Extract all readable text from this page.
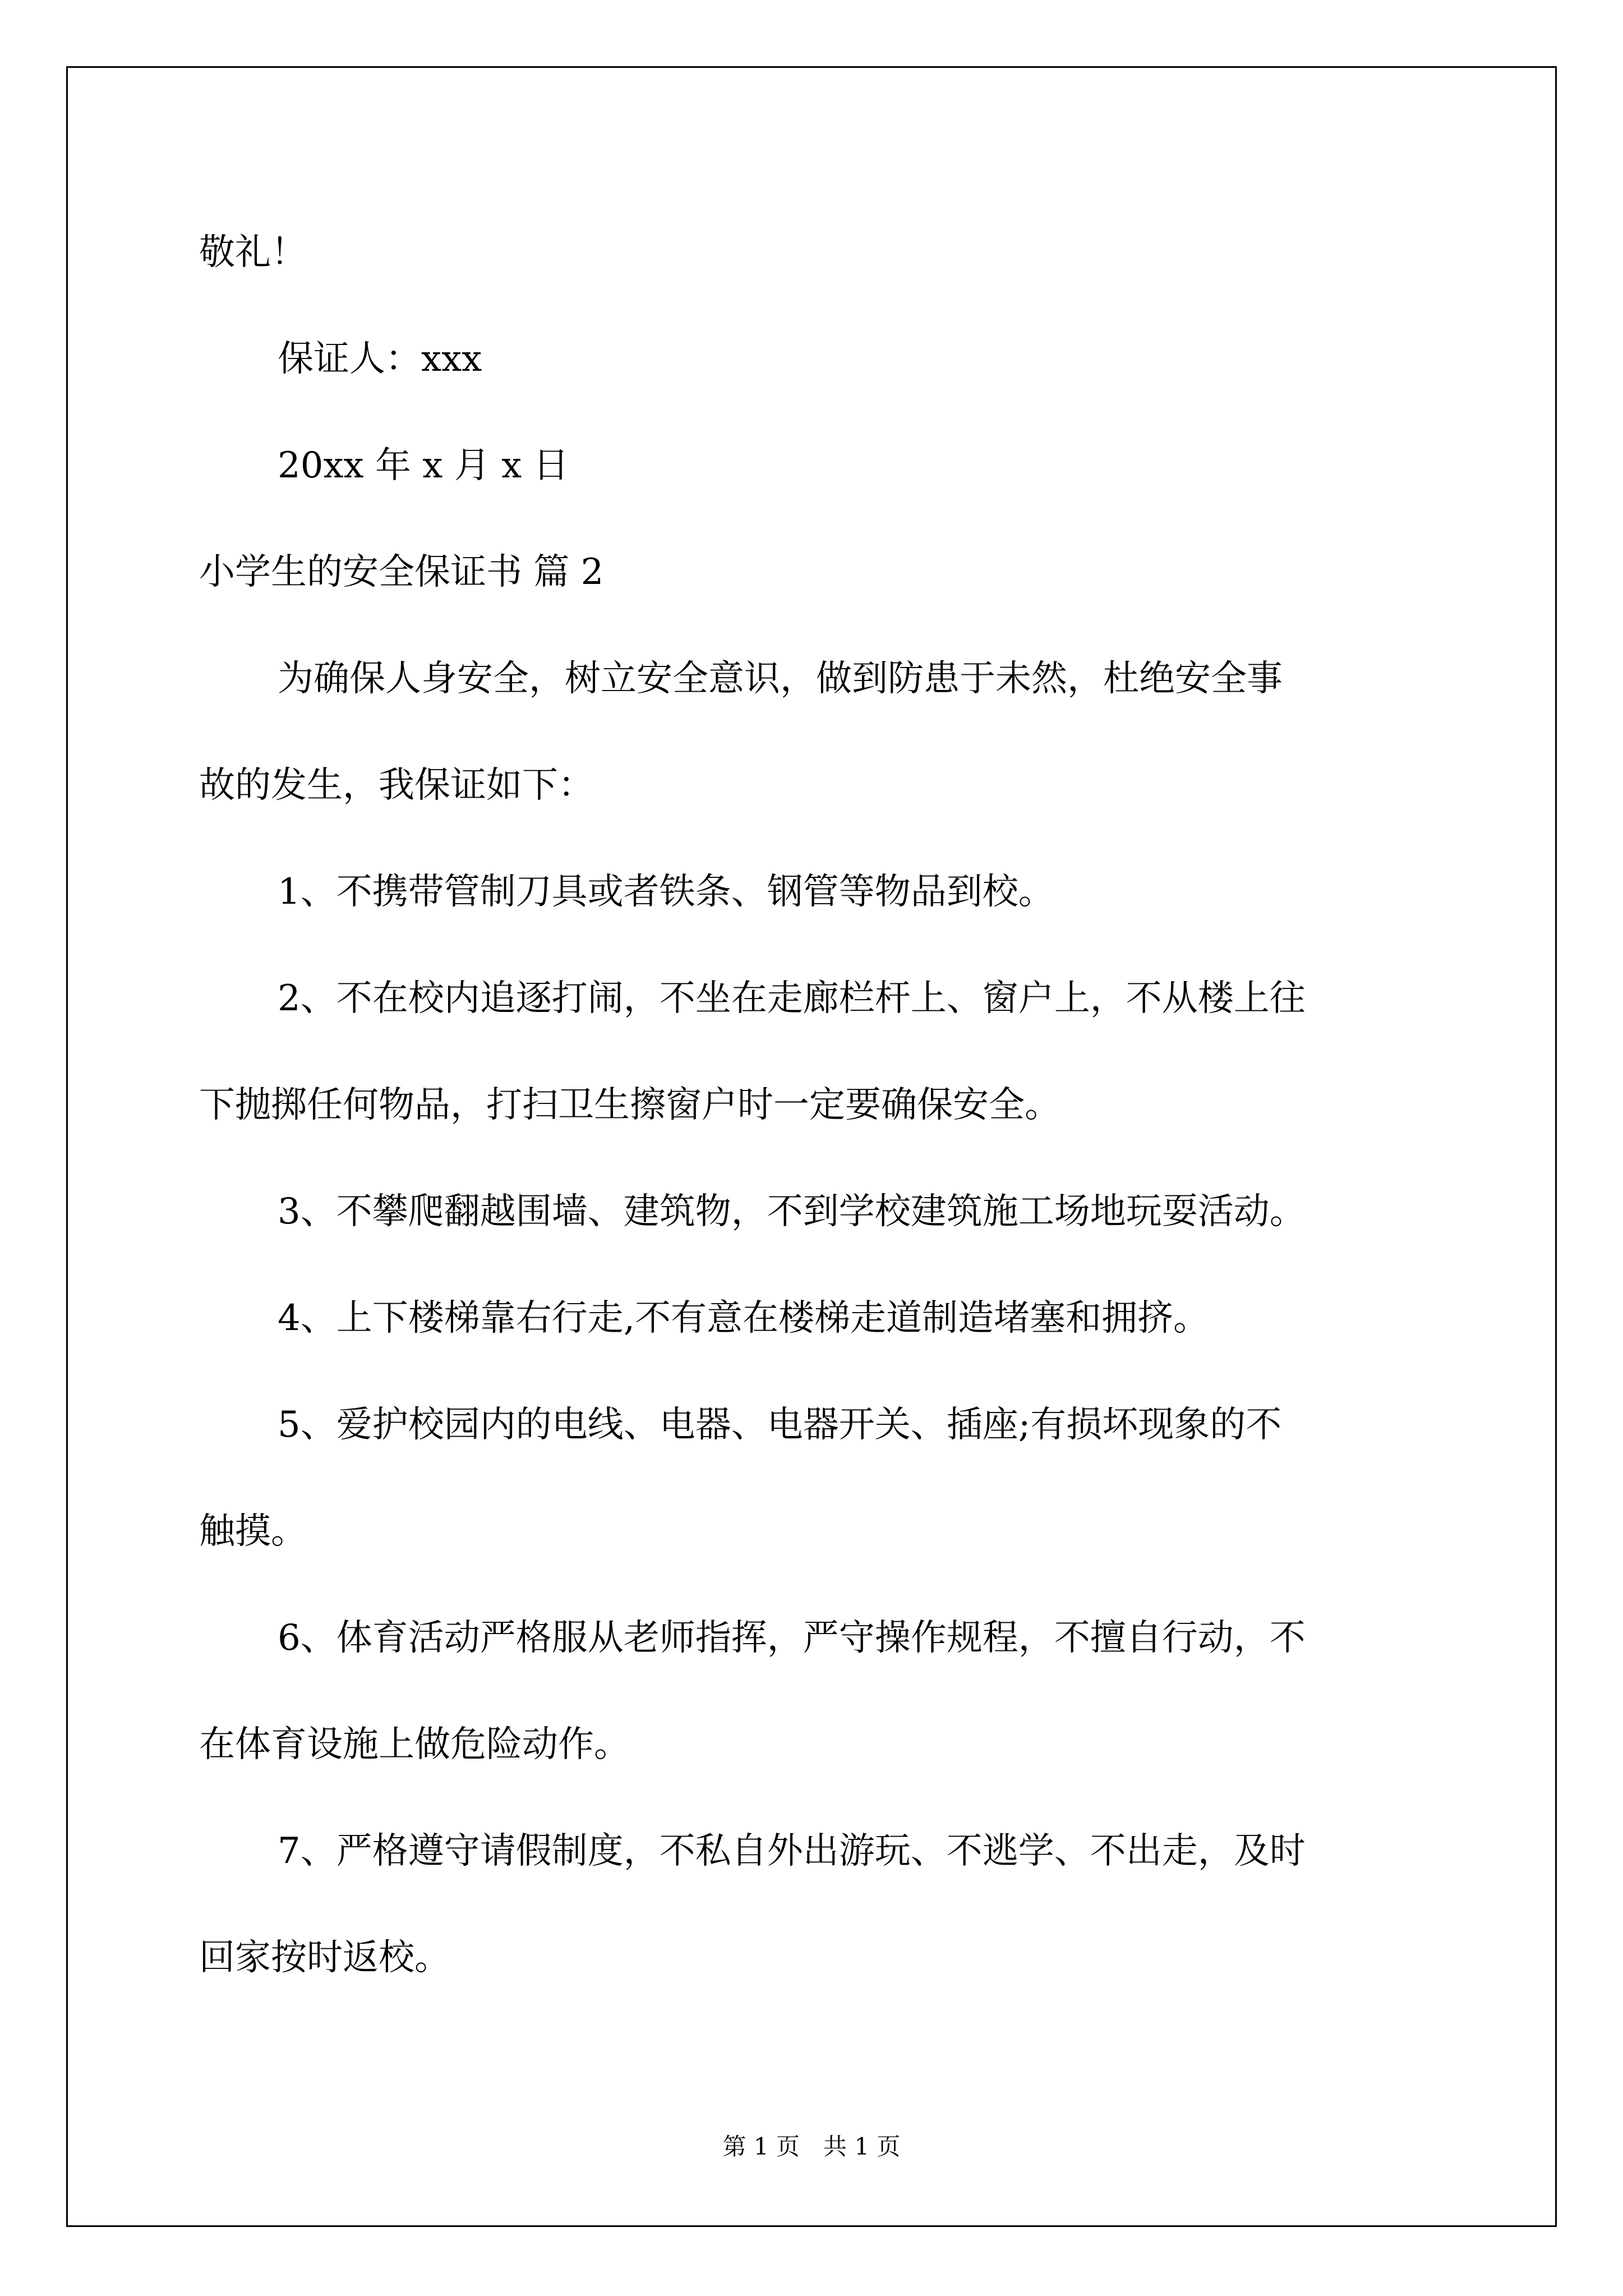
敬礼！
保证人：xxx
20xx 年 x 月 x 日
小学生的安全保证书 篇 2
为确保人身安全，树立安全意识，做到防患于未然，杜绝安全事
故的发生，我保证如下：
1、不携带管制刀具或者铁条、钢管等物品到校。
2、不在校内追逐打闹，不坐在走廊栏杆上、窗户上，不从楼上往
下抛掷任何物品，打扫卫生擦窗户时一定要确保安全。
3、不攀爬翻越围墙、建筑物，不到学校建筑施工场地玩耍活动。
4、上下楼梯靠右行走,不有意在楼梯走道制造堵塞和拥挤。
5、爱护校园内的电线、电器、电器开关、插座;有损坏现象的不
触摸。
6、体育活动严格服从老师指挥，严守操作规程，不擅自行动，不
在体育设施上做危险动作。
7、严格遵守请假制度，不私自外出游玩、不逃学、不出走，及时
回家按时返校。
第 1 页　共 1 页
